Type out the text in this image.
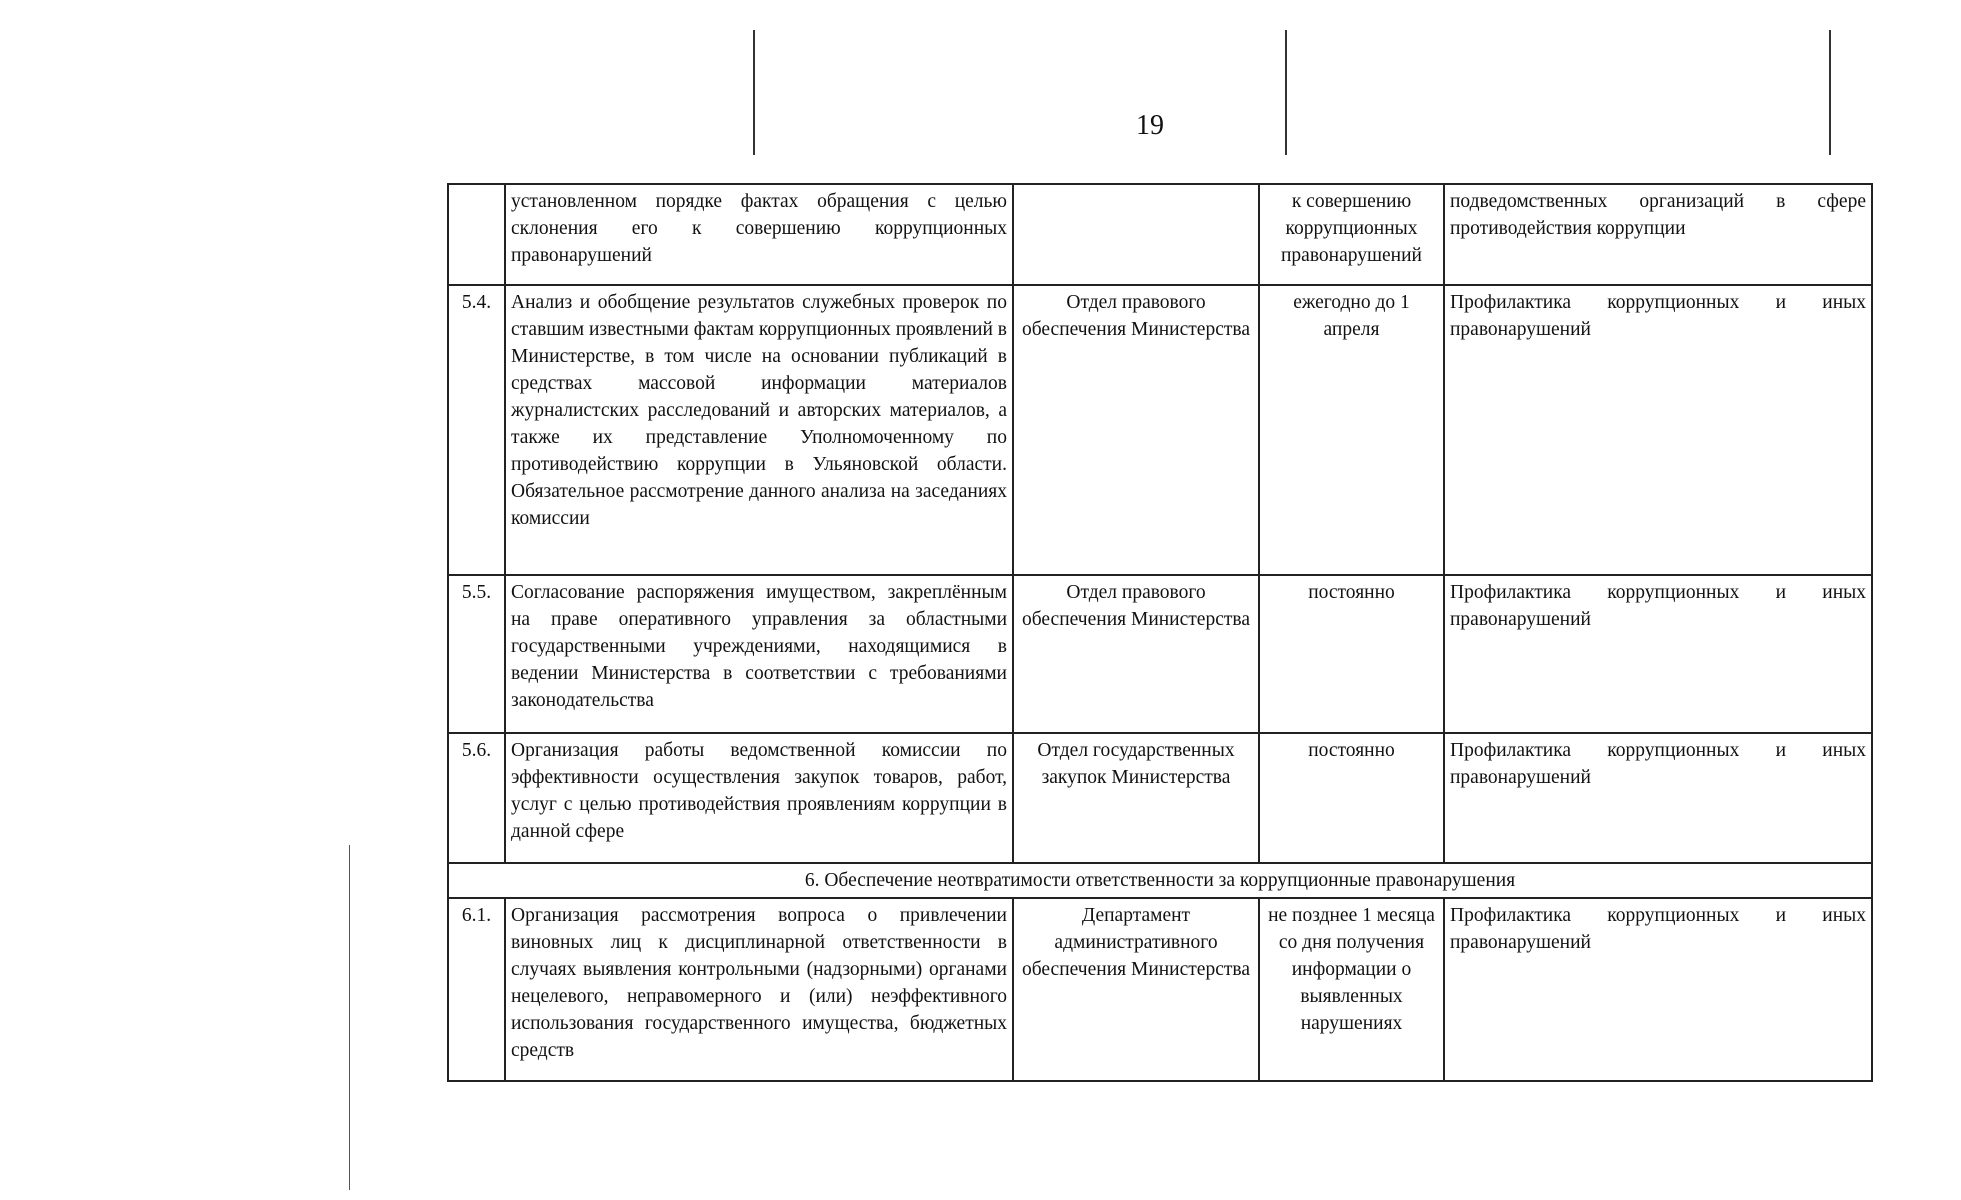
19
	установленном порядке фактах обращения с целью склонения его к совершению коррупционных правонарушений		к совершению коррупционных правонарушений	подведомственных организаций в сфере противодействия коррупции
5.4.	Анализ и обобщение результатов служебных проверок по ставшим известными фактам коррупционных проявлений в Министерстве, в том числе на основании публикаций в средствах массовой информации материалов журналистских расследований и авторских материалов, а также их представление Уполномоченному по противодействию коррупции в Ульяновской области. Обязательное рассмотрение данного анализа на заседаниях комиссии	Отдел правового обеспечения Министерства	ежегодно до 1 апреля	Профилактика коррупционных и иных правонарушений
5.5.	Согласование распоряжения имуществом, закреплённым на праве оперативного управления за областными государственными учреждениями, находящимися в ведении Министерства в соответствии с требованиями законодательства	Отдел правового обеспечения Министерства	постоянно	Профилактика коррупционных и иных правонарушений
5.6.	Организация работы ведомственной комиссии по эффективности осуществления закупок товаров, работ, услуг с целью противодействия проявлениям коррупции в данной сфере	Отдел государственных закупок Министерства	постоянно	Профилактика коррупционных и иных правонарушений
6. Обеспечение неотвратимости ответственности за коррупционные правонарушения				
6.1.	Организация рассмотрения вопроса о привлечении виновных лиц к дисциплинарной ответственности в случаях выявления контрольными (надзорными) органами нецелевого, неправомерного и (или) неэффективного использования государственного имущества, бюджетных средств	Департамент административного обеспечения Министерства	не позднее 1 месяца со дня получения информации о выявленных нарушениях	Профилактика коррупционных и иных правонарушений
